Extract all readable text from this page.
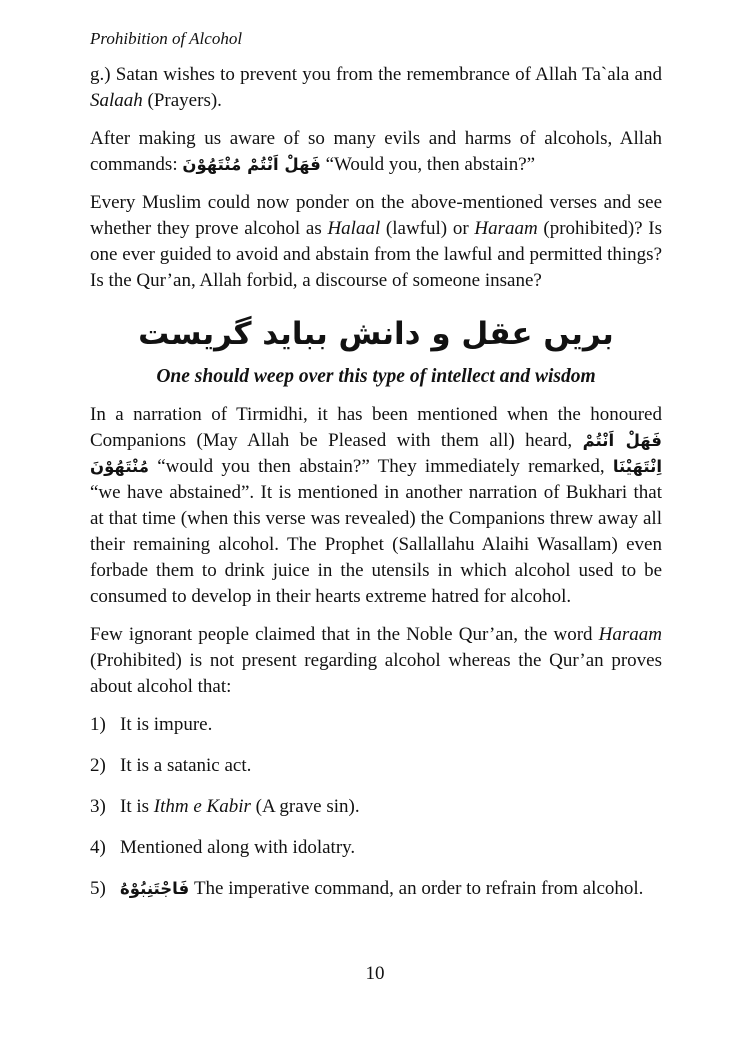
Prohibition of Alcohol

g.) Satan wishes to prevent you from the remembrance of Allah Ta`ala and Salaah (Prayers).

After making us aware of so many evils and harms of alcohols, Allah commands: فَهَلْ اَنْتُمْ مُنْتَهُوْنَ “Would you, then abstain?”

Every Muslim could now ponder on the above-mentioned verses and see whether they prove alcohol as Halaal (lawful) or Haraam (prohibited)? Is one ever guided to avoid and abstain from the lawful and permitted things? Is the Qur’an, Allah forbid, a discourse of someone insane?

بریں عقل و دانش بباید گریست
One should weep over this type of intellect and wisdom

In a narration of Tirmidhi, it has been mentioned when the honoured Companions (May Allah be Pleased with them all) heard, فَهَلْ اَنْتُمْ مُنْتَهُوْنَ “would you then abstain?” They immediately remarked, اِنْتَهَيْنَا “we have abstained”. It is mentioned in another narration of Bukhari that at that time (when this verse was revealed) the Companions threw away all their remaining alcohol. The Prophet (Sallallahu Alaihi Wasallam) even forbade them to drink juice in the utensils in which alcohol used to be consumed to develop in their hearts extreme hatred for alcohol.

Few ignorant people claimed that in the Noble Qur’an, the word Haraam (Prohibited) is not present regarding alcohol whereas the Qur’an proves about alcohol that:

1) It is impure.
2) It is a satanic act.
3) It is Ithm e Kabir (A grave sin).
4) Mentioned along with idolatry.
5) فَاجْتَنِبُوْهُ The imperative command, an order to refrain from alcohol.
10
